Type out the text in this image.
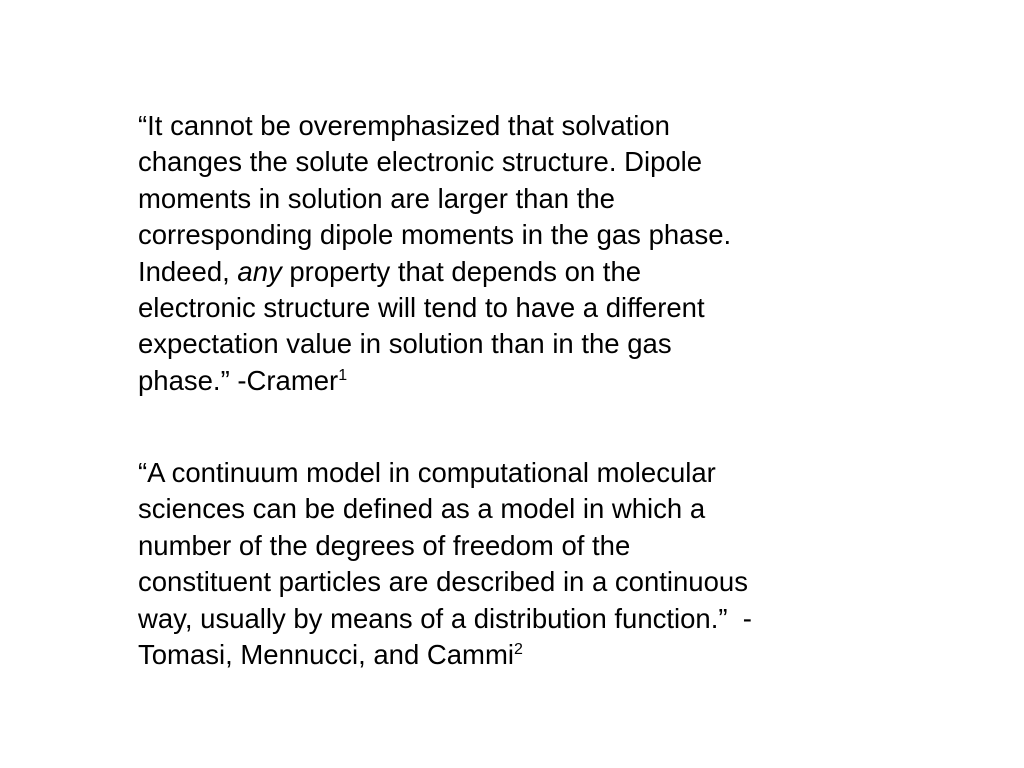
“It cannot be overemphasized that solvation
changes the solute electronic structure. Dipole
moments in solution are larger than the
corresponding dipole moments in the gas phase.
Indeed, any property that depends on the
electronic structure will tend to have a different
expectation value in solution than in the gas
phase.” -Cramer$^1$

“A continuum model in computational molecular
sciences can be defined as a model in which a
number of the degrees of freedom of the
constituent particles are described in a continuous
way, usually by means of a distribution function.”  -
Tomasi, Mennucci, and Cammi$^2$
